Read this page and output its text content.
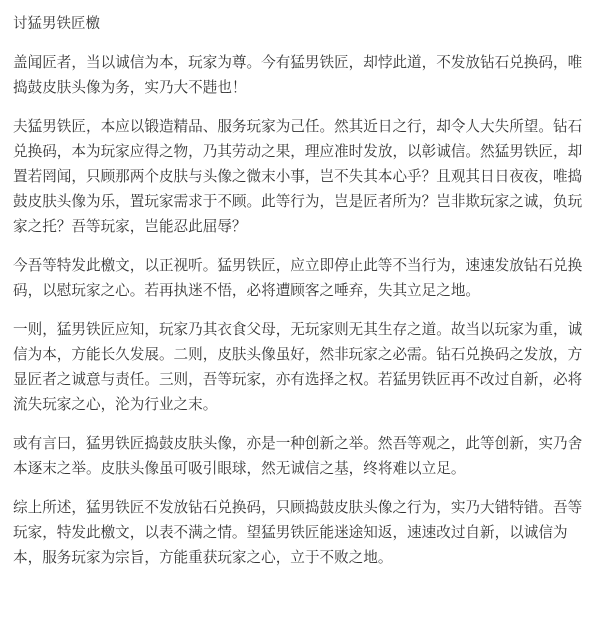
讨猛男铁匠檄

盖闻匠者，当以诚信为本，玩家为尊。今有猛男铁匠，却悖此道，不发放钻石兑换码，唯捣鼓皮肤头像为务，实乃大不韪也！

夫猛男铁匠，本应以锻造精品、服务玩家为己任。然其近日之行，却令人大失所望。钻石兑换码，本为玩家应得之物，乃其劳动之果，理应准时发放，以彰诚信。然猛男铁匠，却置若罔闻，只顾那两个皮肤与头像之微末小事，岂不失其本心乎？且观其日日夜夜，唯捣鼓皮肤头像为乐，置玩家需求于不顾。此等行为，岂是匠者所为？岂非欺玩家之诚，负玩家之托？吾等玩家，岂能忍此屈辱？

今吾等特发此檄文，以正视听。猛男铁匠，应立即停止此等不当行为，速速发放钻石兑换码，以慰玩家之心。若再执迷不悟，必将遭顾客之唾弃，失其立足之地。

一则，猛男铁匠应知，玩家乃其衣食父母，无玩家则无其生存之道。故当以玩家为重，诚信为本，方能长久发展。二则，皮肤头像虽好，然非玩家之必需。钻石兑换码之发放，方显匠者之诚意与责任。三则，吾等玩家，亦有选择之权。若猛男铁匠再不改过自新，必将流失玩家之心，沦为行业之末。

或有言曰，猛男铁匠捣鼓皮肤头像，亦是一种创新之举。然吾等观之，此等创新，实乃舍本逐末之举。皮肤头像虽可吸引眼球，然无诚信之基，终将难以立足。

综上所述，猛男铁匠不发放钻石兑换码，只顾捣鼓皮肤头像之行为，实乃大错特错。吾等玩家，特发此檄文，以表不满之情。望猛男铁匠能迷途知返，速速改过自新，以诚信为本，服务玩家为宗旨，方能重获玩家之心，立于不败之地。
